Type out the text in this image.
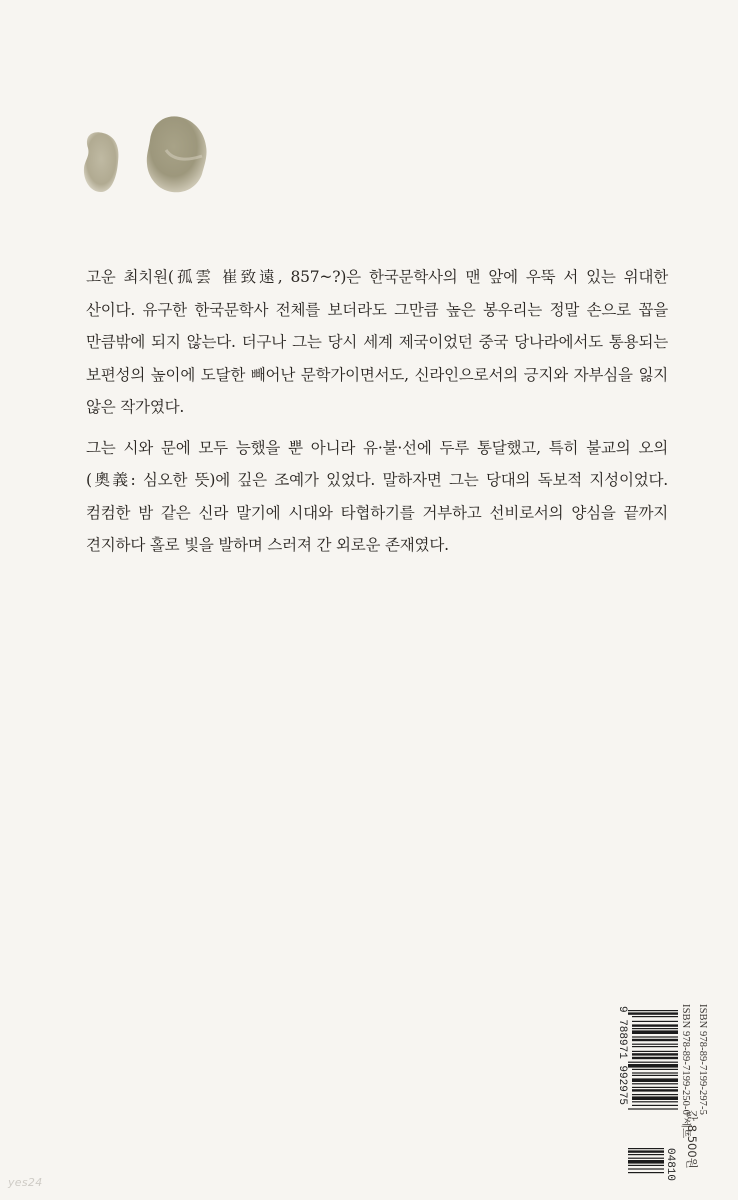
고운 최치원(孤雲 崔致遠, 857~?)은 한국문학사의 맨 앞에 우뚝 서 있는 위대한 산이다. 유구한 한국문학사 전체를 보더라도 그만큼 높은 봉우리는 정말 손으로 꼽을 만큼밖에 되지 않는다. 더구나 그는 당시 세계 제국이었던 중국 당나라에서도 통용되는 보편성의 높이에 도달한 빼어난 문학가이면서도, 신라인으로서의 긍지와 자부심을 잃지 않은 작가였다.

그는 시와 문에 모두 능했을 뿐 아니라 유·불·선에 두루 통달했고, 특히 불교의 오의(奧義: 심오한 뜻)에 깊은 조예가 있었다. 말하자면 그는 당대의 독보적 지성이었다. 컴컴한 밤 같은 신라 말기에 시대와 타협하기를 거부하고 선비로서의 양심을 끝까지 견지하다 홀로 빛을 발하며 스러져 간 외로운 존재였다.

ISBN 978-89-7199-297-5
ISBN 978-89-7199-250-0 세트
9 788971 992975
04810 값 8,500원
yes24
